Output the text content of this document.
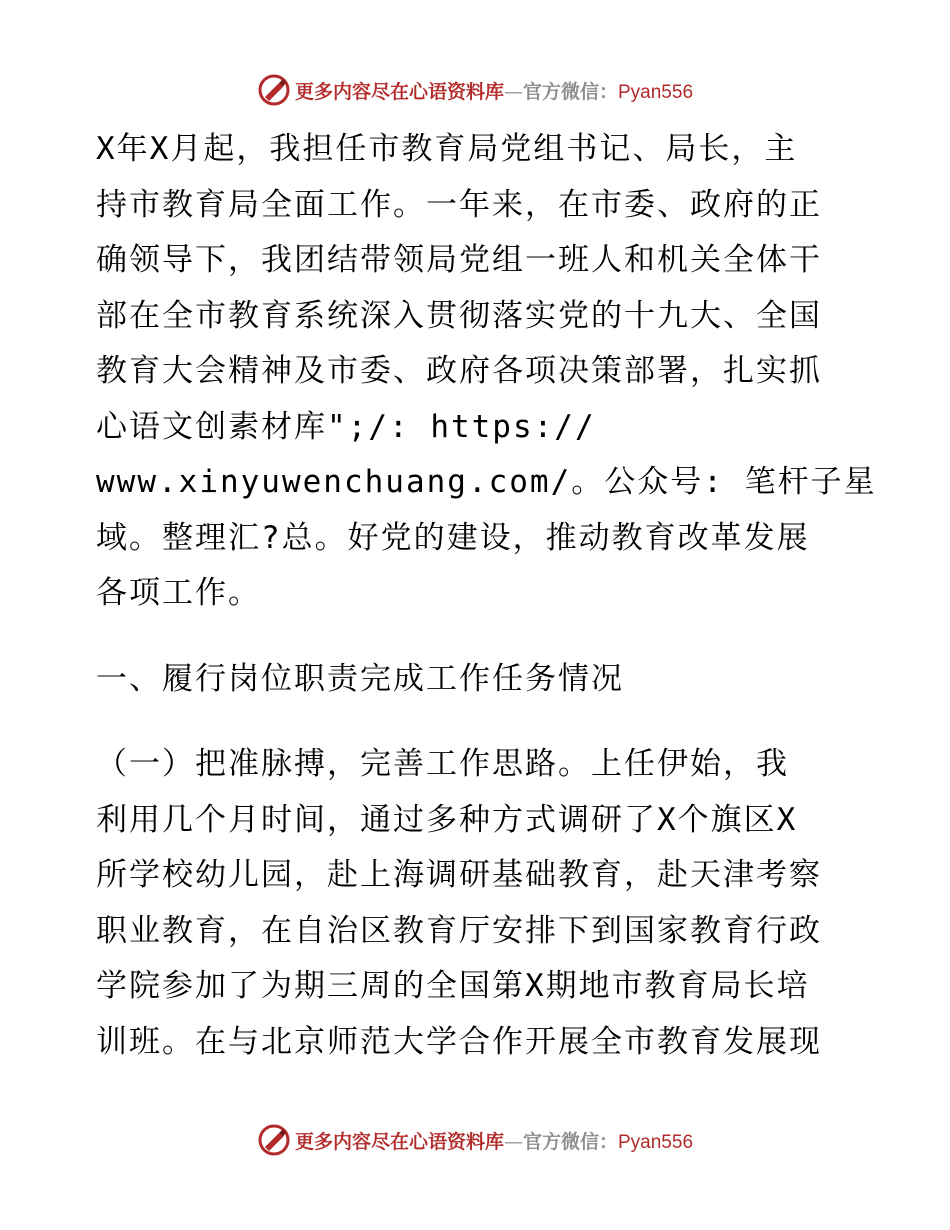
更多内容尽在心语资料库—官方微信：Pyan556
X年X月起，我担任市教育局党组书记、局长，主
持市教育局全面工作。一年来，在市委、政府的正
确领导下，我团结带领局党组一班人和机关全体干
部在全市教育系统深入贯彻落实党的十九大、全国
教育大会精神及市委、政府各项决策部署，扎实抓
心语文创素材库";/: https://
www.xinyuwenchuang.com/。公众号: 笔杆子星
域。整理汇?总。好党的建设，推动教育改革发展
各项工作。
一、履行岗位职责完成工作任务情况
（一）把准脉搏，完善工作思路。上任伊始，我
利用几个月时间，通过多种方式调研了X个旗区X
所学校幼儿园，赴上海调研基础教育，赴天津考察
职业教育，在自治区教育厅安排下到国家教育行政
学院参加了为期三周的全国第X期地市教育局长培
训班。在与北京师范大学合作开展全市教育发展现
更多内容尽在心语资料库—官方微信：Pyan556
